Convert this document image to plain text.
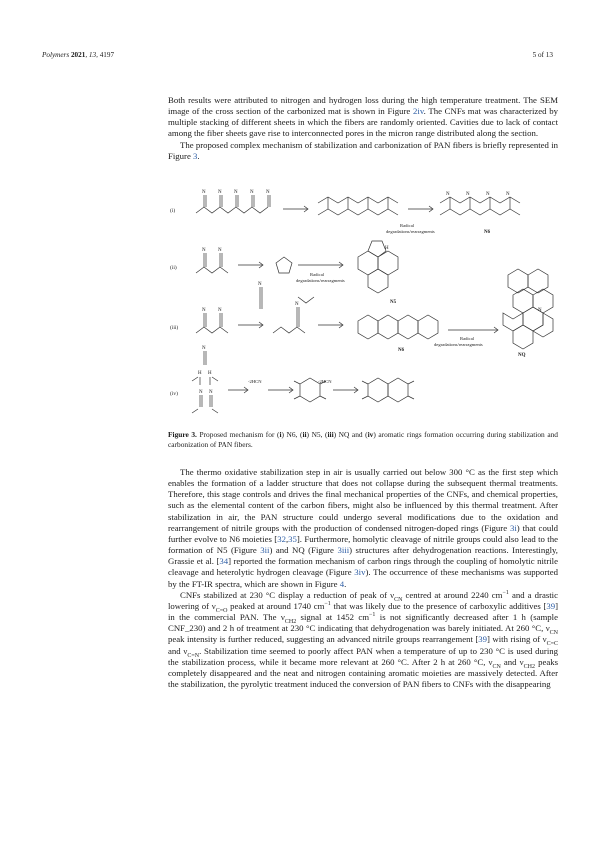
Polymers 2021, 13, 4197	5 of 13

Both results were attributed to nitrogen and hydrogen loss during the high temperature treatment. The SEM image of the cross section of the carbonized mat is shown in Figure 2iv. The CNFs mat was characterized by multiple stacking of different sheets in which the fibers are randomly oriented. Cavities due to lack of contact among the fiber sheets gave rise to interconnected pores in the micron range distributed along the section.

The proposed complex mechanism of stabilization and carbonization of PAN fibers is briefly represented in Figure 3.

N N N N N	N	N	N	N
N N
N N
N
N
N
N
N N
H H
H
(i)
(ii)
(iii)
(iv)
Radical
degradations/rearragments
Radical
degradations/rearragments
Radical
degradations/rearragments
-2HCN	-2HCN
N6
N5
N6
NQ
Figure 3. Proposed mechanism for (i) N6, (ii) N5, (iii) NQ and (iv) aromatic rings formation occurring during stabilization and carbonization of PAN fibers.

The thermo oxidative stabilization step in air is usually carried out below 300 °C as the first step which enables the formation of a ladder structure that does not collapse during the subsequent thermal treatments. Therefore, this stage controls and drives the final mechanical properties of the CNFs, and chemical properties, such as the elemental content of the carbon fibers, might also be influenced by this thermal treatment. After stabilization in air, the PAN structure could undergo several modifications due to the oxidation and rearrangement of nitrile groups with the production of condensed nitrogen-doped rings (Figure 3i) that could further evolve to N6 moieties [32,35]. Furthermore, homolytic cleavage of nitrile groups could also lead to the formation of N5 (Figure 3ii) and NQ (Figure 3iii) structures after dehydrogenation reactions. Interestingly, Grassie et al. [34] reported the formation mechanism of carbon rings through the coupling of homolytic nitrile cleavage and heterolytic hydrogen cleavage (Figure 3iv). The occurrence of these mechanisms was supported by the FT-IR spectra, which are shown in Figure 4.

CNFs stabilized at 230 °C display a reduction of peak of $\nu_{CN}$ centred at around 2240 $cm^{-1}$ and a drastic lowering of $\nu_{C=O}$ peaked at around 1740 $cm^{-1}$ that was likely due to the presence of carboxylic additives [39] in the commercial PAN. The $\nu_{CH2}$ signal at 1452 $cm^{-1}$ is not significantly decreased after 1 h (sample CNF_230) and 2 h of treatment at 230 °C indicating that dehydrogenation was barely initiated. At 260 °C, $\nu_{CN}$ peak intensity is further reduced, suggesting an advanced nitrile groups rearrangement [39] with rising of $\nu_{C=C}$ and $\nu_{C=N}$. Stabilization time seemed to poorly affect PAN when a temperature of up to 230 °C is used during the stabilization process, while it became more relevant at 260 °C. After 2 h at 260 °C, $\nu_{CN}$ and $\nu_{CH2}$ peaks completely disappeared and the neat and nitrogen containing aromatic moieties are massively detected. After the stabilization, the pyrolytic treatment induced the conversion of PAN fibers to CNFs with the disappearing
